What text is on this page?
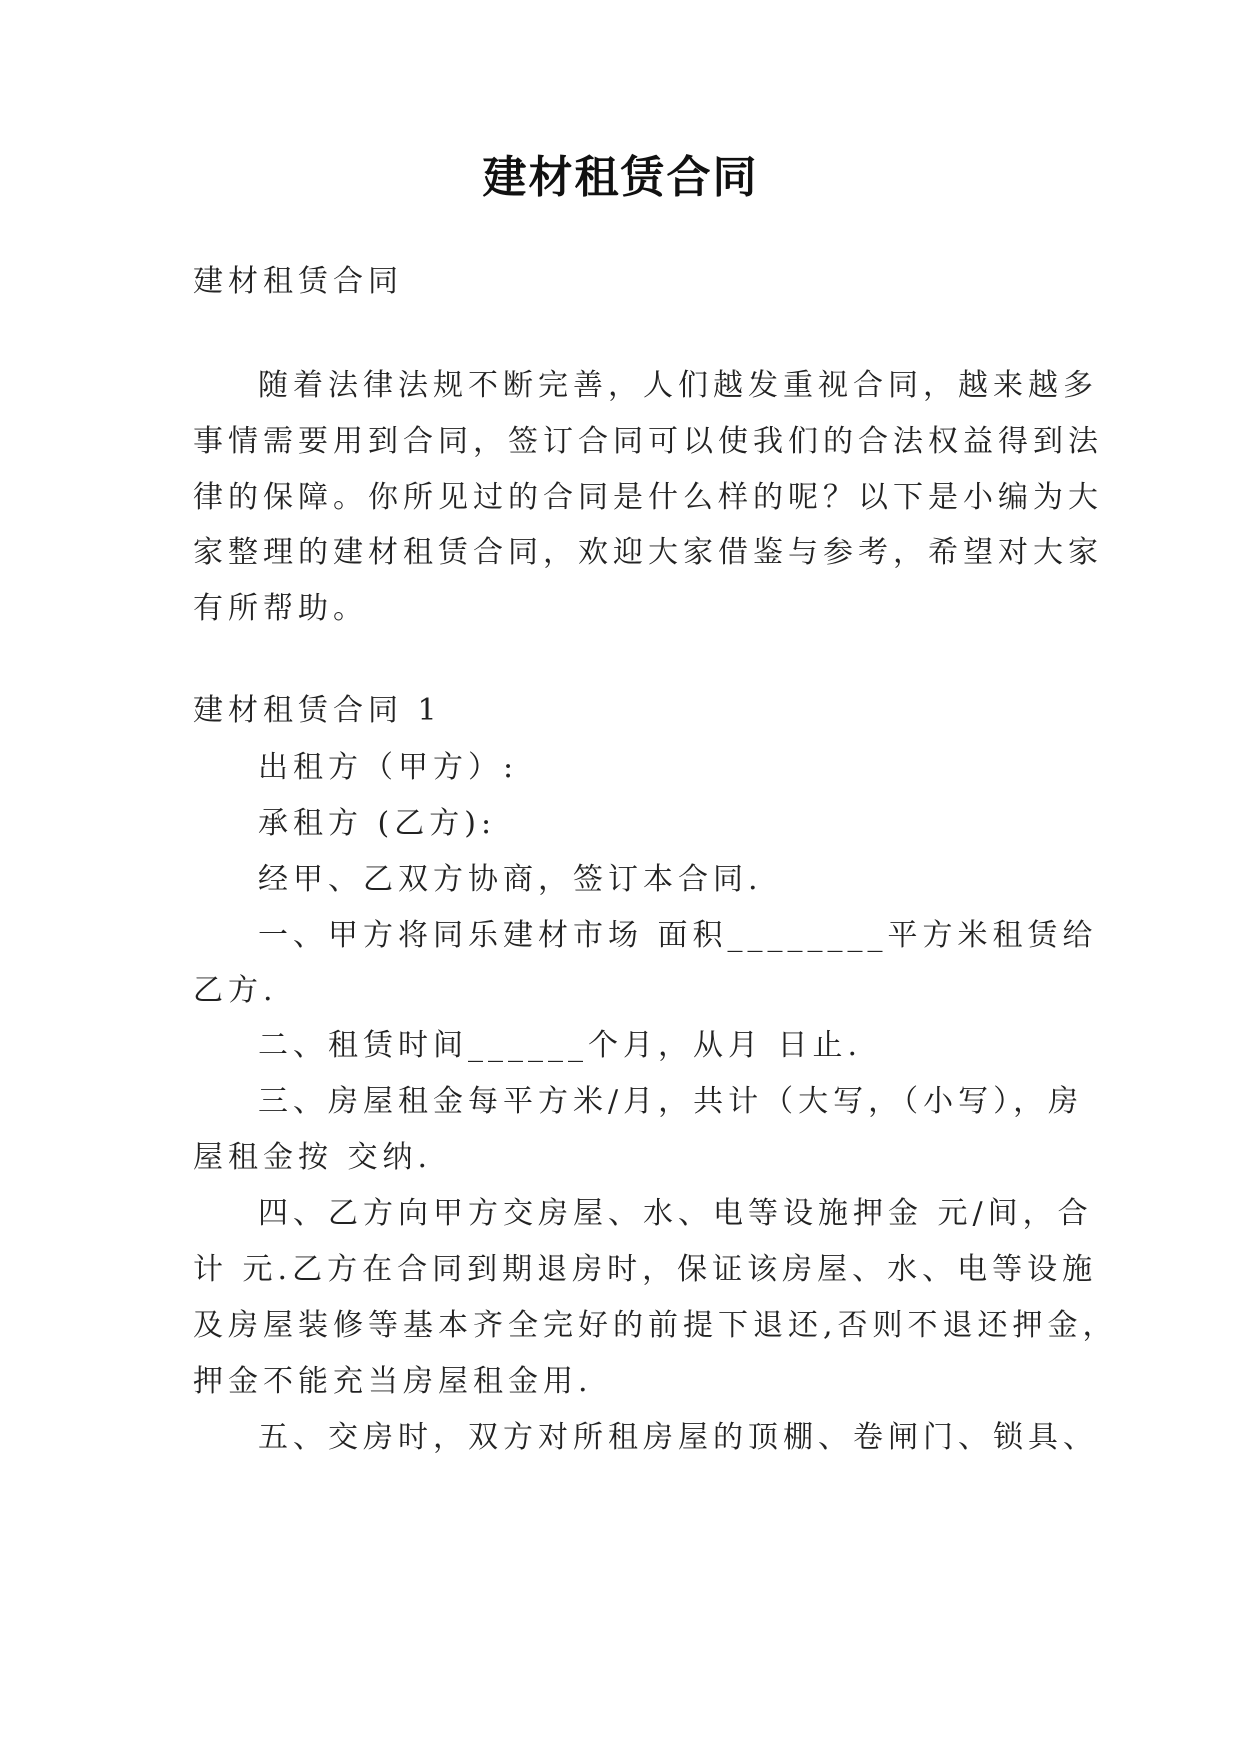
建材租赁合同
建材租赁合同
随着法律法规不断完善，人们越发重视合同，越来越多
事情需要用到合同，签订合同可以使我们的合法权益得到法
律的保障。你所见过的合同是什么样的呢？以下是小编为大
家整理的建材租赁合同，欢迎大家借鉴与参考，希望对大家
有所帮助。
建材租赁合同 1
出租方（甲方）:
承租方 (乙方):
经甲、乙双方协商，签订本合同.
一、甲方将同乐建材市场 面积________平方米租赁给
乙方.
二、租赁时间______个月，从月 日止.
三、房屋租金每平方米/月，共计（大写，（小写），房
屋租金按 交纳.
四、乙方向甲方交房屋、水、电等设施押金 元/间，合
计 元.乙方在合同到期退房时，保证该房屋、水、电等设施
及房屋装修等基本齐全完好的前提下退还,否则不退还押金，
押金不能充当房屋租金用.
五、交房时，双方对所租房屋的顶棚、卷闸门、锁具、
